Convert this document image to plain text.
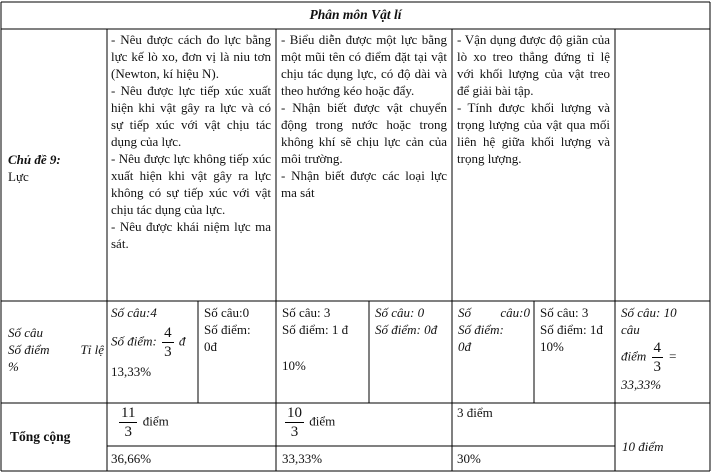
Phân môn Vật lí
Chủ đề 9:
Lực
- Nêu được cách đo lực bằng lực kế lò xo, đơn vị là niu tơn (Newton, kí hiệu N).
- Nêu được lực tiếp xúc xuất hiện khi vật gây ra lực và có sự tiếp xúc với vật chịu tác dụng của lực.
- Nêu được lực không tiếp xúc xuất hiện khi vật gây ra lực không có sự tiếp xúc với vật chịu tác dụng của lực.
- Nêu được khái niệm lực ma sát.
- Biểu diễn được một lực bằng một mũi tên có điểm đặt tại vật chịu tác dụng lực, có độ dài và theo hướng kéo hoặc đẩy.
- Nhận biết được vật chuyển động trong nước hoặc trong không khí sẽ chịu lực cản của môi trường.
- Nhận biết được các loại lực ma sát
- Vận dụng được độ giãn của lò xo treo thẳng đứng tỉ lệ với khối lượng của vật treo để giải bài tập.
- Tính được khối lượng và trọng lượng của vật qua mối liên hệ giữa khối lượng và trọng lượng.
Số câu
Số điểm Tỉ lệ
%
Số câu:4
Số điểm: $\frac{4}{3}$ đ
13,33%
Số câu:0
Số điểm:
0đ
Số câu: 3
Số điểm: 1 đ
10%
Số câu: 0
Số điểm: 0đ
Số câu:0
Số điểm:
0đ
Số câu: 3
Số điểm: 1đ
10%
Số câu: 10
câu
điểm $\frac{4}{3}$ =
33,33%
Tổng cộng	$\frac{11}{3}$ điểm
36,66%
$\frac{10}{3}$ điểm
33,33%
3 điểm
30%
10 điểm
